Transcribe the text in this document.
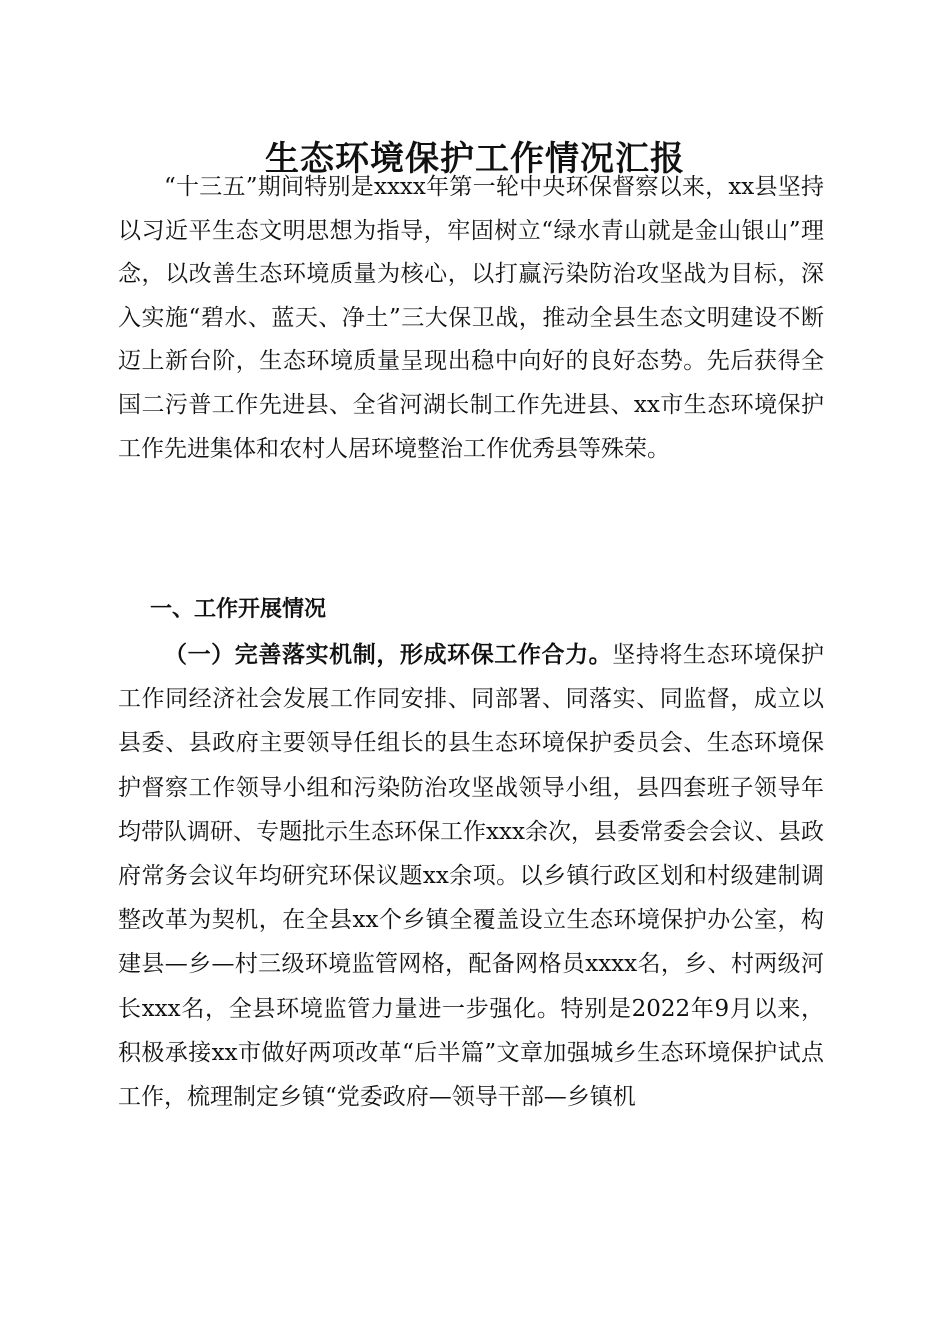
生态环境保护工作情况汇报

“十三五”期间特别是xxxx年第一轮中央环保督察以来，xx县坚持以习近平生态文明思想为指导，牢固树立“绿水青山就是金山银山”理念，以改善生态环境质量为核心，以打赢污染防治攻坚战为目标，深入实施“碧水、蓝天、净土”三大保卫战，推动全县生态文明建设不断迈上新台阶，生态环境质量呈现出稳中向好的良好态势。先后获得全国二污普工作先进县、全省河湖长制工作先进县、xx市生态环境保护工作先进集体和农村人居环境整治工作优秀县等殊荣。

一、工作开展情况

（一）完善落实机制，形成环保工作合力。坚持将生态环境保护工作同经济社会发展工作同安排、同部署、同落实、同监督，成立以县委、县政府主要领导任组长的县生态环境保护委员会、生态环境保护督察工作领导小组和污染防治攻坚战领导小组，县四套班子领导年均带队调研、专题批示生态环保工作xxx余次，县委常委会会议、县政府常务会议年均研究环保议题xx余项。以乡镇行政区划和村级建制调整改革为契机，在全县xx个乡镇全覆盖设立生态环境保护办公室，构建县—乡—村三级环境监管网格，配备网格员xxxx名，乡、村两级河长xxx名，全县环境监管力量进一步强化。特别是2022年9月以来，积极承接xx市做好两项改革“后半篇”文章加强城乡生态环境保护试点工作，梳理制定乡镇“党委政府—领导干部—乡镇机
